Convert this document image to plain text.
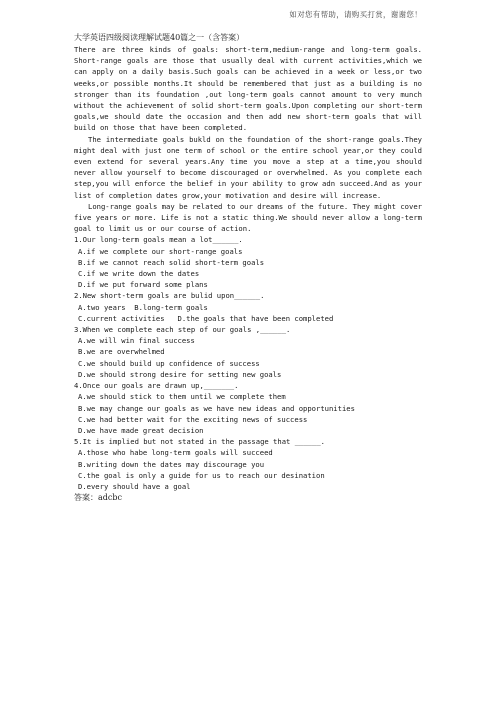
如对您有帮助，请购买打赏，谢谢您！
大学英语四级阅读理解试题40篇之一（含答案）

There are three kinds of goals: short-term,medium-range and long-term goals. Short-range goals are those that usually deal with current activities,which we can apply on a daily basis.Such goals can be achieved in a week or less,or two weeks,or possible months.It should be remembered that just as a building is no stronger than its foundation ,out long-term goals cannot amount to very munch without the achievement of solid short-term goals.Upon completing our short-term goals,we should date the occasion and then add new short-term goals that will build on those that have been completed.

The intermediate goals bukld on the foundation of the short-range goals.They might deal with just one term of school or the entire school year,or they could even extend for several years.Any time you move a step at a time,you should never allow yourself to become discouraged or overwhelmed. As you complete each step,you will enforce the belief in your ability to grow adn succeed.And as your list of completion dates grow,your motivation and desire will increase.

Long-range goals may be related to our dreams of the future. They might cover five years or more. Life is not a static thing.We should never allow a long-term goal to limit us or our course of action.

1.Our long-term goals mean a lot______.
A.if we complete our short-range goals
B.if we cannot reach solid short-term goals
C.if we write down the dates
D.if we put forward some plans
2.New short-term goals are bulid upon______.
A.two years  B.long-term goals
C.current activities   D.the goals that have been completed
3.When we complete each step of our goals ,______.
A.we will win final success
B.we are overwhelmed
C.we should build up confidence of success
D.we should strong desire for setting new goals
4.Once our goals are drawn up,_______.
A.we should stick to them until we complete them
B.we may change our goals as we have new ideas and opportunities
C.we had better wait for the exciting news of success
D.we have made great decision
5.It is implied but not stated in the passage that ______.
A.those who habe long-term goals will succeed
B.writing down the dates may discourage you
C.the goal is only a guide for us to reach our desination
D.every should have a goal
答案：adcbc
